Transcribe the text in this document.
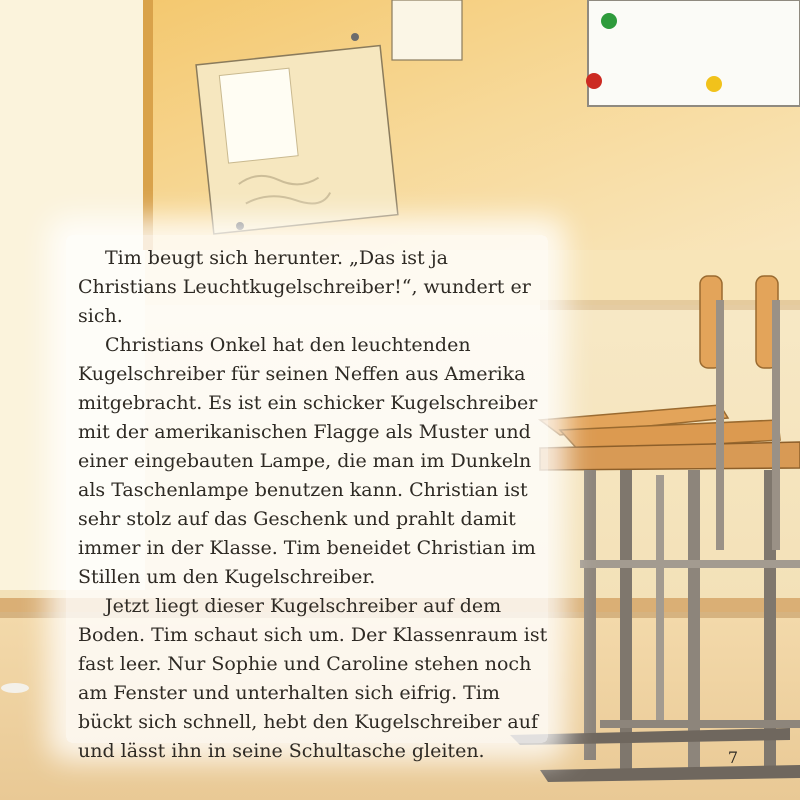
Tim beugt sich herunter. „Das ist ja Christians Leuchtkugelschreiber!“, wundert er sich.

Christians Onkel hat den leuchtenden Kugelschreiber für seinen Neffen aus Amerika mitgebracht. Es ist ein schicker Kugelschreiber mit der amerikanischen Flagge als Muster und einer eingebauten Lampe, die man im Dunkeln als Taschenlampe benutzen kann. Christian ist sehr stolz auf das Geschenk und prahlt damit immer in der Klasse. Tim beneidet Christian im Stillen um den Kugelschreiber.

Jetzt liegt dieser Kugelschreiber auf dem Boden. Tim schaut sich um. Der Klassenraum ist fast leer. Nur Sophie und Caroline stehen noch am Fenster und unterhalten sich eifrig. Tim bückt sich schnell, hebt den Kugelschreiber auf und lässt ihn in seine Schultasche gleiten.	7
